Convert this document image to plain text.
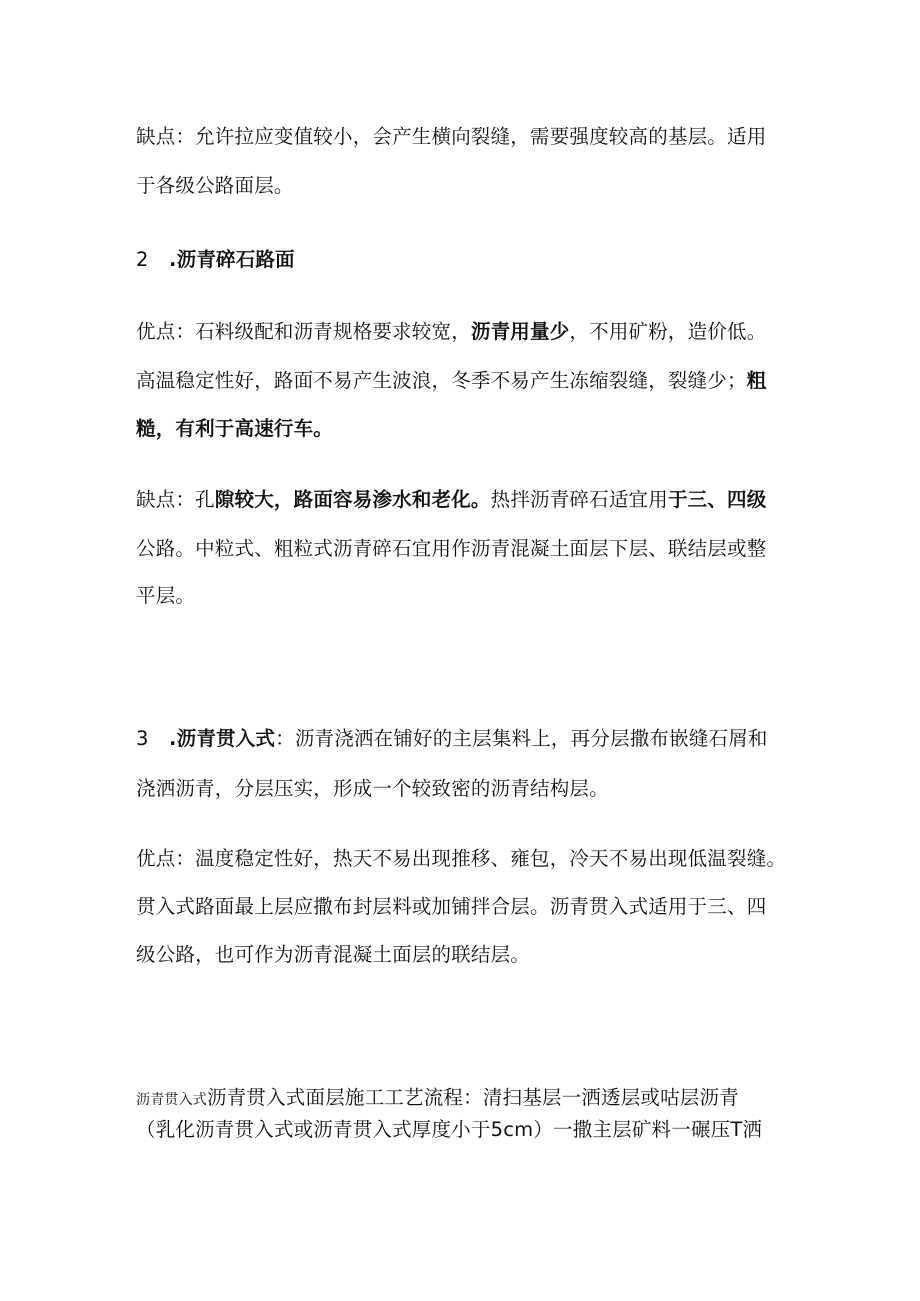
缺点：允许拉应变值较小，会产生横向裂缝，需要强度较高的基层。适用
于各级公路面层。
2 .沥青碎石路面
优点：石料级配和沥青规格要求较宽，沥青用量少，不用矿粉，造价低。
高温稳定性好，路面不易产生波浪，冬季不易产生冻缩裂缝，裂缝少；粗
糙，有利于高速行车。
缺点：孔隙较大，路面容易渗水和老化。热拌沥青碎石适宜用于三、四级
公路。中粒式、粗粒式沥青碎石宜用作沥青混凝土面层下层、联结层或整
平层。
3 .沥青贯入式：沥青浇洒在铺好的主层集料上，再分层撒布嵌缝石屑和
浇洒沥青，分层压实，形成一个较致密的沥青结构层。
优点：温度稳定性好，热天不易出现推移、雍包，冷天不易出现低温裂缝。
贯入式路面最上层应撒布封层料或加铺拌合层。沥青贯入式适用于三、四
级公路，也可作为沥青混凝土面层的联结层。
沥青贯入式沥青贯入式面层施工工艺流程：清扫基层一洒透层或咕层沥青
（乳化沥青贯入式或沥青贯入式厚度小于5cm）一撒主层矿料一碾压T洒
